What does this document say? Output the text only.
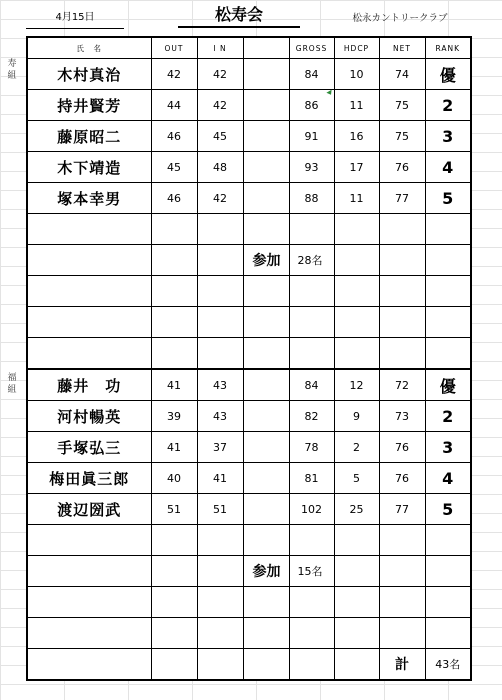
4月15日	松寿会	松永カントリークラブ
寿
組
福
組
氏　名	OUT	I N		GROSS	HDCP	NET	RANK
木村真治	42	42		84	10	74	優
持井賢芳	44	42		86	11	75	2
藤原昭二	46	45		91	16	75	3
木下靖造	45	48		93	17	76	4
塚本幸男	46	42		88	11	77	5

			参加	28名			

藤井　功	41	43		84	12	72	優
河村暢英	39	43		82	9	73	2
手塚弘三	41	37		78	2	76	3
梅田眞三郎	40	41		81	5	76	4
渡辺圀武	51	51		102	25	77	5

			参加	15名			

						計	43名
